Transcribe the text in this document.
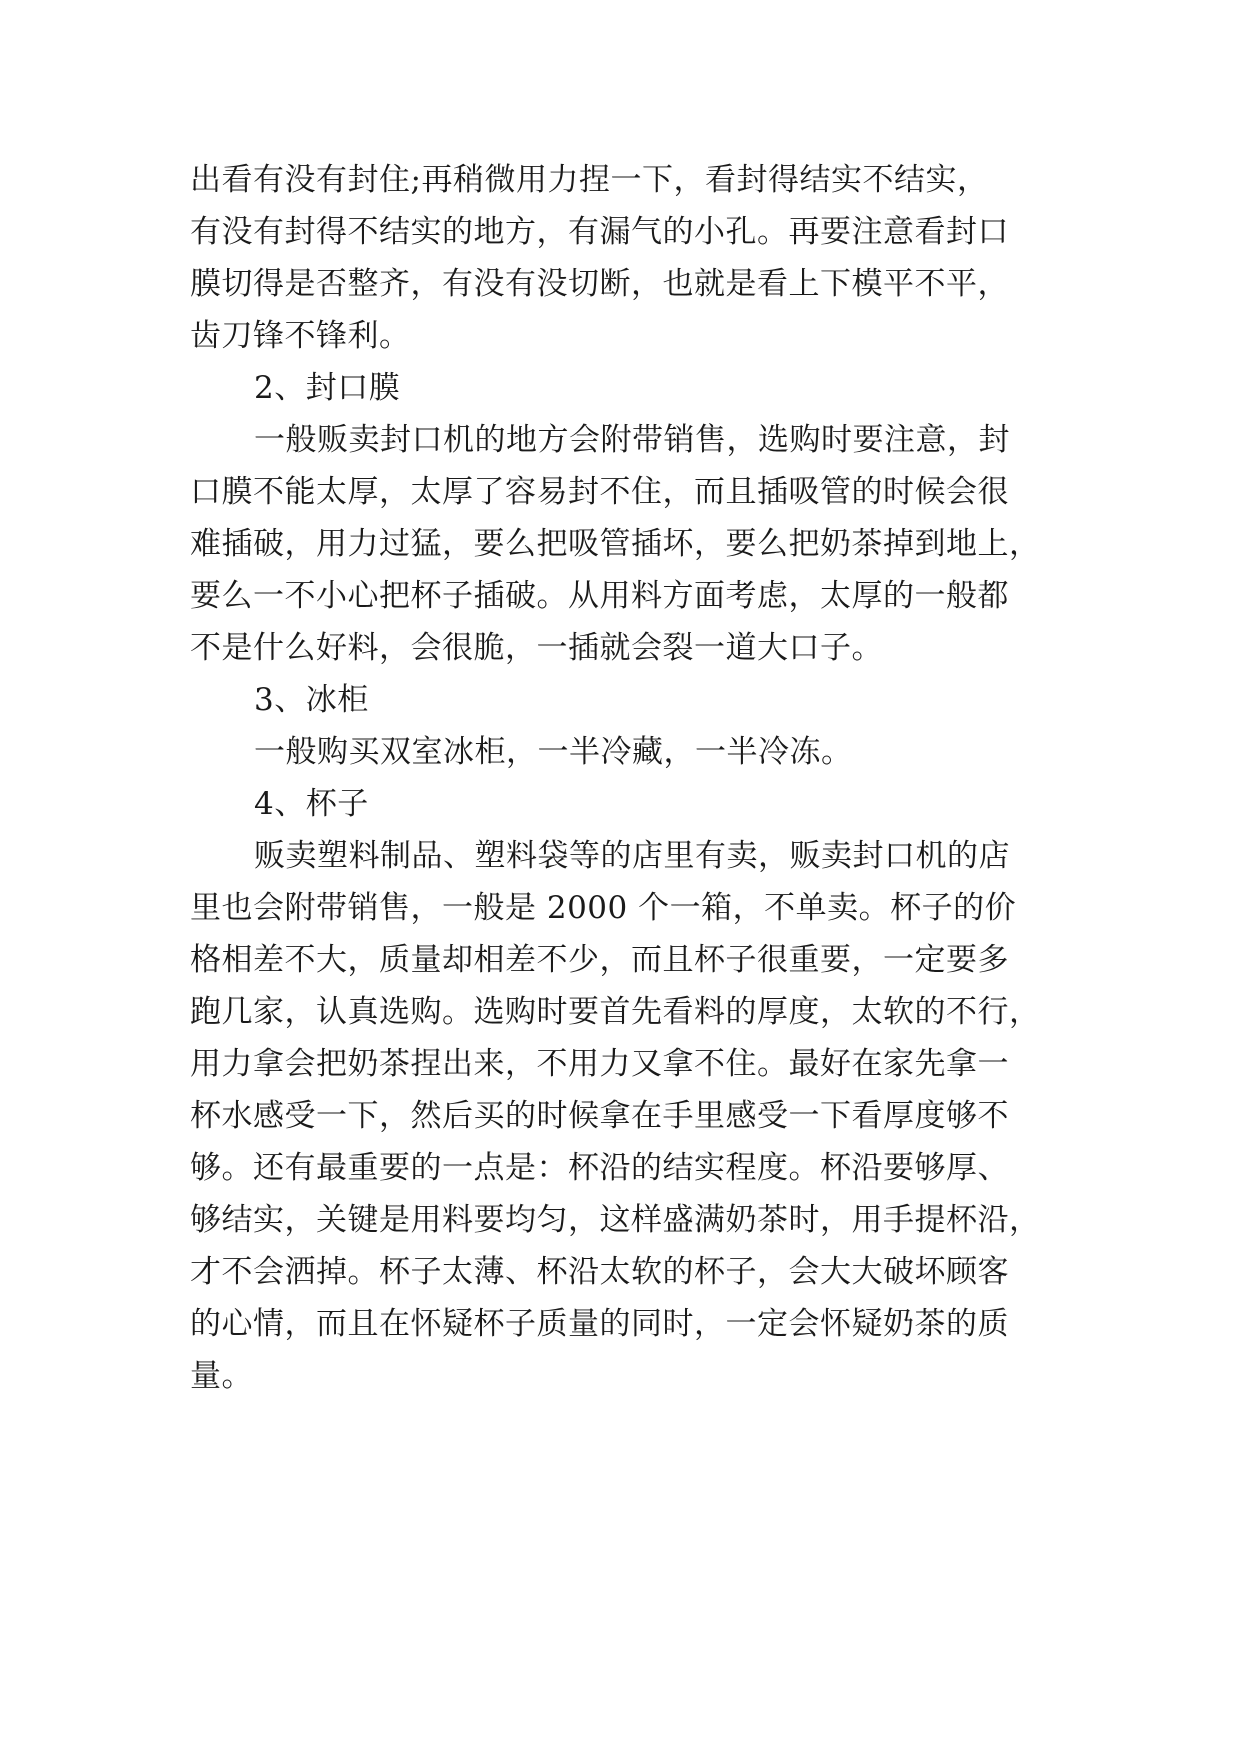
出看有没有封住;再稍微用力捏一下，看封得结实不结实，
有没有封得不结实的地方，有漏气的小孔。再要注意看封口
膜切得是否整齐，有没有没切断，也就是看上下模平不平，
齿刀锋不锋利。
2、封口膜
一般贩卖封口机的地方会附带销售，选购时要注意，封
口膜不能太厚，太厚了容易封不住，而且插吸管的时候会很
难插破，用力过猛，要么把吸管插坏，要么把奶茶掉到地上，
要么一不小心把杯子插破。从用料方面考虑，太厚的一般都
不是什么好料，会很脆，一插就会裂一道大口子。
3、冰柜
一般购买双室冰柜，一半冷藏，一半冷冻。
4、杯子
贩卖塑料制品、塑料袋等的店里有卖，贩卖封口机的店
里也会附带销售，一般是 2000 个一箱，不单卖。杯子的价
格相差不大，质量却相差不少，而且杯子很重要，一定要多
跑几家，认真选购。选购时要首先看料的厚度，太软的不行，
用力拿会把奶茶捏出来，不用力又拿不住。最好在家先拿一
杯水感受一下，然后买的时候拿在手里感受一下看厚度够不
够。还有最重要的一点是：杯沿的结实程度。杯沿要够厚、
够结实，关键是用料要均匀，这样盛满奶茶时，用手提杯沿，
才不会洒掉。杯子太薄、杯沿太软的杯子，会大大破坏顾客
的心情，而且在怀疑杯子质量的同时，一定会怀疑奶茶的质
量。
